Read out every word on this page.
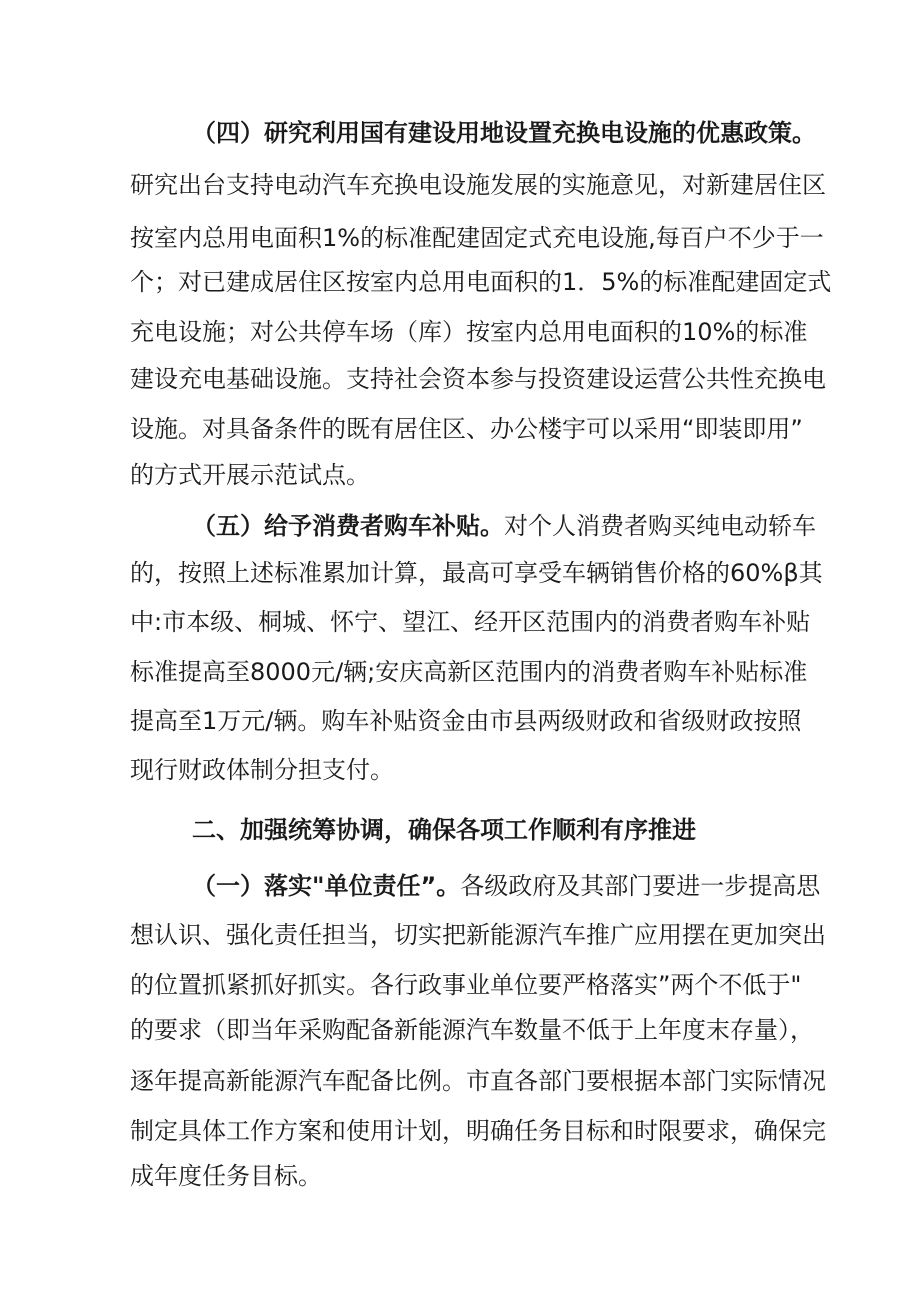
（四）研究利用国有建设用地设置充换电设施的优惠政策。
研究出台支持电动汽车充换电设施发展的实施意见，对新建居住区
按室内总用电面积1%的标准配建固定式充电设施,每百户不少于一
个；对已建成居住区按室内总用电面积的1．5%的标准配建固定式
充电设施；对公共停车场（库）按室内总用电面积的10%的标准
建设充电基础设施。支持社会资本参与投资建设运营公共性充换电
设施。对具备条件的既有居住区、办公楼宇可以采用“即装即用”
的方式开展示范试点。
（五）给予消费者购车补贴。对个人消费者购买纯电动轿车
的，按照上述标准累加计算，最高可享受车辆销售价格的60%β其
中:市本级、桐城、怀宁、望江、经开区范围内的消费者购车补贴
标准提高至8000元/辆;安庆高新区范围内的消费者购车补贴标准
提高至1万元/辆。购车补贴资金由市县两级财政和省级财政按照
现行财政体制分担支付。
二、加强统筹协调，确保各项工作顺利有序推进
（一）落实"单位责任”。各级政府及其部门要进一步提高思
想认识、强化责任担当，切实把新能源汽车推广应用摆在更加突出
的位置抓紧抓好抓实。各行政事业单位要严格落实”两个不低于"
的要求（即当年采购配备新能源汽车数量不低于上年度末存量），
逐年提高新能源汽车配备比例。市直各部门要根据本部门实际情况
制定具体工作方案和使用计划，明确任务目标和时限要求，确保完
成年度任务目标。
